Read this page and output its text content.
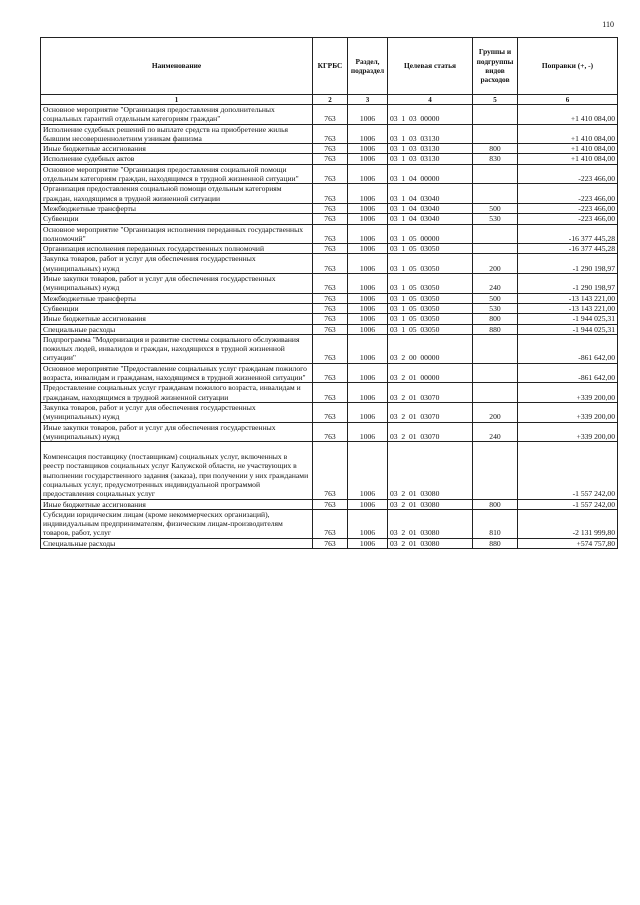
110
Наименование	КГРБС	Раздел, подраздел	Целевая статья	Группы и подгруппы видов расходов	Поправки (+, -)
1	2	3	4	5	6
Основное мероприятие "Организация предоставления дополнительных социальных гарантий отдельным категориям граждан"	763	1006	03  1  03  00000		+1 410 084,00
Исполнение судебных решений по выплате средств на приобретение жилья бывшим несовершеннолетним узникам фашизма	763	1006	03  1  03  03130		+1 410 084,00
Иные бюджетные ассигнования	763	1006	03  1  03  03130	800	+1 410 084,00
Исполнение судебных актов	763	1006	03  1  03  03130	830	+1 410 084,00
Основное мероприятие "Организация предоставления социальной помощи отдельным категориям граждан, находящимся в трудной жизненной ситуации"	763	1006	03  1  04  00000		-223 466,00
Организация предоставления социальной помощи отдельным категориям граждан, находящимся в трудной жизненной ситуации	763	1006	03  1  04  03040		-223 466,00
Межбюджетные трансферты	763	1006	03  1  04  03040	500	-223 466,00
Субвенции	763	1006	03  1  04  03040	530	-223 466,00
Основное мероприятие "Организация исполнения переданных государственных полномочий"	763	1006	03  1  05  00000		-16 377 445,28
Организация исполнения переданных государственных полномочий	763	1006	03  1  05  03050		-16 377 445,28
Закупка товаров, работ и услуг для обеспечения государственных (муниципальных) нужд	763	1006	03  1  05  03050	200	-1 290 198,97
Иные закупки товаров, работ и услуг для обеспечения государственных (муниципальных) нужд	763	1006	03  1  05  03050	240	-1 290 198,97
Межбюджетные трансферты	763	1006	03  1  05  03050	500	-13 143 221,00
Субвенции	763	1006	03  1  05  03050	530	-13 143 221,00
Иные бюджетные ассигнования	763	1006	03  1  05  03050	800	-1 944 025,31
Специальные расходы	763	1006	03  1  05  03050	880	-1 944 025,31
Подпрограмма "Модернизация и развитие системы социального обслуживания пожилых людей, инвалидов и граждан, находящихся в трудной жизненной ситуации"	763	1006	03  2  00  00000		-861 642,00
Основное мероприятие "Предоставление социальных услуг гражданам пожилого возраста, инвалидам и гражданам, находящимся в трудной жизненной ситуации"	763	1006	03  2  01  00000		-861 642,00
Предоставление социальных услуг гражданам пожилого возраста, инвалидам и гражданам, находящимся в трудной жизненной ситуации	763	1006	03  2  01  03070		+339 200,00
Закупка товаров, работ и услуг для обеспечения государственных (муниципальных) нужд	763	1006	03  2  01  03070	200	+339 200,00
Иные закупки товаров, работ и услуг для обеспечения государственных (муниципальных) нужд	763	1006	03  2  01  03070	240	+339 200,00
Компенсация поставщику (поставщикам) социальных услуг, включенных в реестр поставщиков социальных услуг Калужской области, не участвующих в выполнении государственного задания (заказа), при получении у них гражданами социальных услуг, предусмотренных индивидуальной программой предоставления социальных услуг	763	1006	03  2  01  03080		-1 557 242,00
Иные бюджетные ассигнования	763	1006	03  2  01  03080	800	-1 557 242,00
Субсидии юридическим лицам (кроме некоммерческих организаций), индивидуальным предпринимателям, физическим лицам-производителям товаров, работ, услуг	763	1006	03  2  01  03080	810	-2 131 999,80
Специальные расходы	763	1006	03  2  01  03080	880	+574 757,80
